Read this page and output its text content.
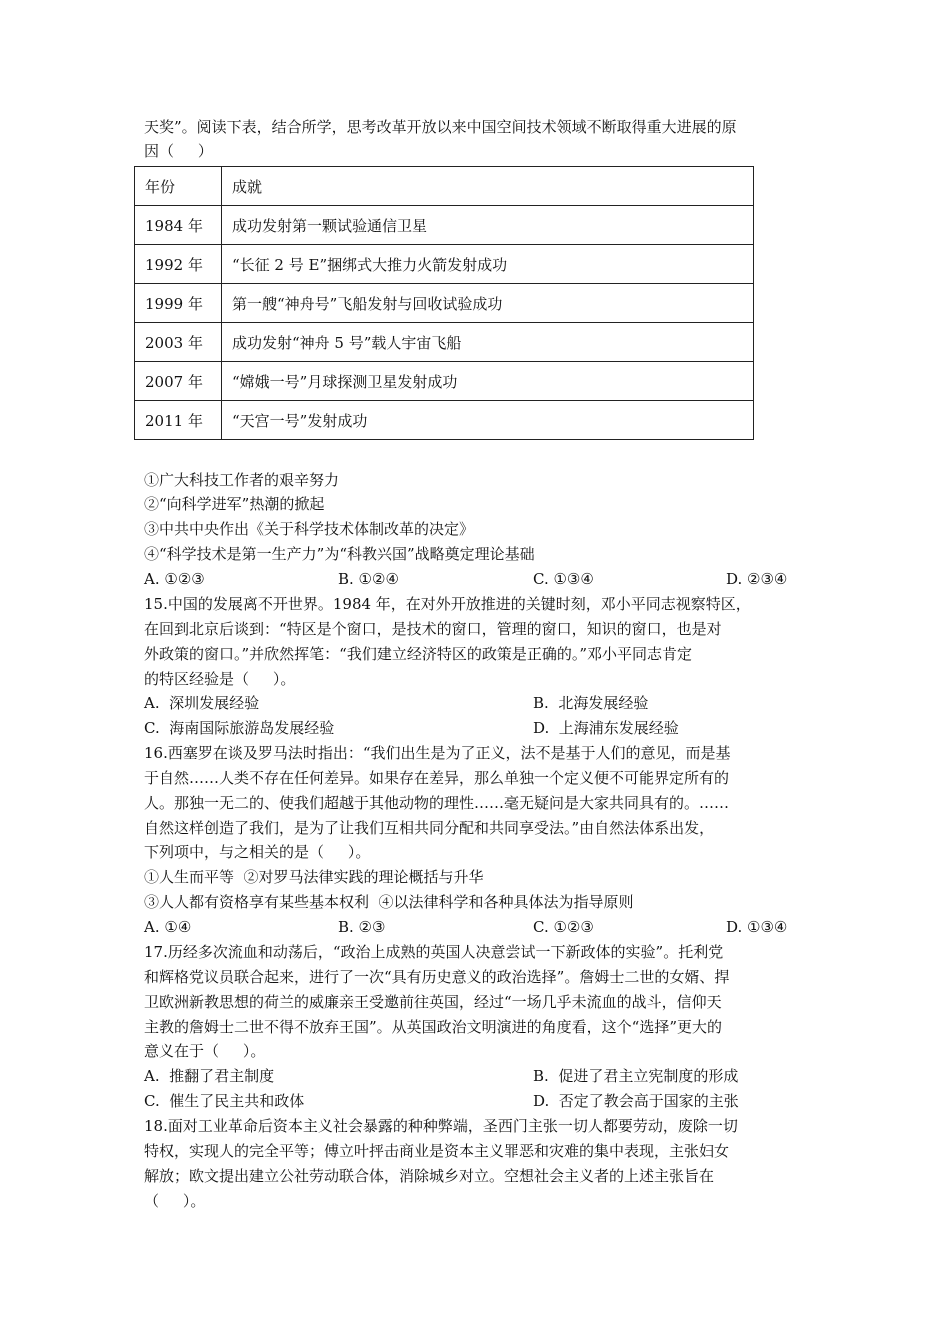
天奖”。阅读下表，结合所学，思考改革开放以来中国空间技术领域不断取得重大进展的原
因（     ）
年份	成就
1984 年	成功发射第一颗试验通信卫星
1992 年	“长征 2 号 E”捆绑式大推力火箭发射成功
1999 年	第一艘“神舟号”飞船发射与回收试验成功
2003 年	成功发射“神舟 5 号”载人宇宙飞船
2007 年	“嫦娥一号”月球探测卫星发射成功
2011 年	“天宫一号”发射成功
①广大科技工作者的艰辛努力
②“向科学进军”热潮的掀起
③中共中央作出《关于科学技术体制改革的决定》
④“科学技术是第一生产力”为“科教兴国”战略奠定理论基础
A. ①②③	B. ①②④	C. ①③④	D. ②③④
15.中国的发展离不开世界。1984 年，在对外开放推进的关键时刻，邓小平同志视察特区，
在回到北京后谈到：“特区是个窗口，是技术的窗口，管理的窗口，知识的窗口，也是对
外政策的窗口。”并欣然挥笔：“我们建立经济特区的政策是正确的。”邓小平同志肯定
的特区经验是（     ）。
A.  深圳发展经验	B.  北海发展经验
C.  海南国际旅游岛发展经验	D.  上海浦东发展经验
16.西塞罗在谈及罗马法时指出：“我们出生是为了正义，法不是基于人们的意见，而是基
于自然……人类不存在任何差异。如果存在差异，那么单独一个定义便不可能界定所有的
人。那独一无二的、使我们超越于其他动物的理性……毫无疑问是大家共同具有的。……
自然这样创造了我们，是为了让我们互相共同分配和共同享受法。”由自然法体系出发，
下列项中，与之相关的是（     ）。
①人生而平等  ②对罗马法律实践的理论概括与升华
③人人都有资格享有某些基本权利  ④以法律科学和各种具体法为指导原则
A. ①④	B. ②③	C. ①②③	D. ①③④
17.历经多次流血和动荡后，“政治上成熟的英国人决意尝试一下新政体的实验”。托利党
和辉格党议员联合起来，进行了一次“具有历史意义的政治选择”。詹姆士二世的女婿、捍
卫欧洲新教思想的荷兰的威廉亲王受邀前往英国，经过“一场几乎未流血的战斗，信仰天
主教的詹姆士二世不得不放弃王国”。从英国政治文明演进的角度看，这个“选择”更大的
意义在于（     ）。
A.  推翻了君主制度	B.  促进了君主立宪制度的形成
C.  催生了民主共和政体	D.  否定了教会高于国家的主张
18.面对工业革命后资本主义社会暴露的种种弊端，圣西门主张一切人都要劳动，废除一切
特权，实现人的完全平等；傅立叶抨击商业是资本主义罪恶和灾难的集中表现，主张妇女
解放；欧文提出建立公社劳动联合体，消除城乡对立。空想社会主义者的上述主张旨在
（     ）。
